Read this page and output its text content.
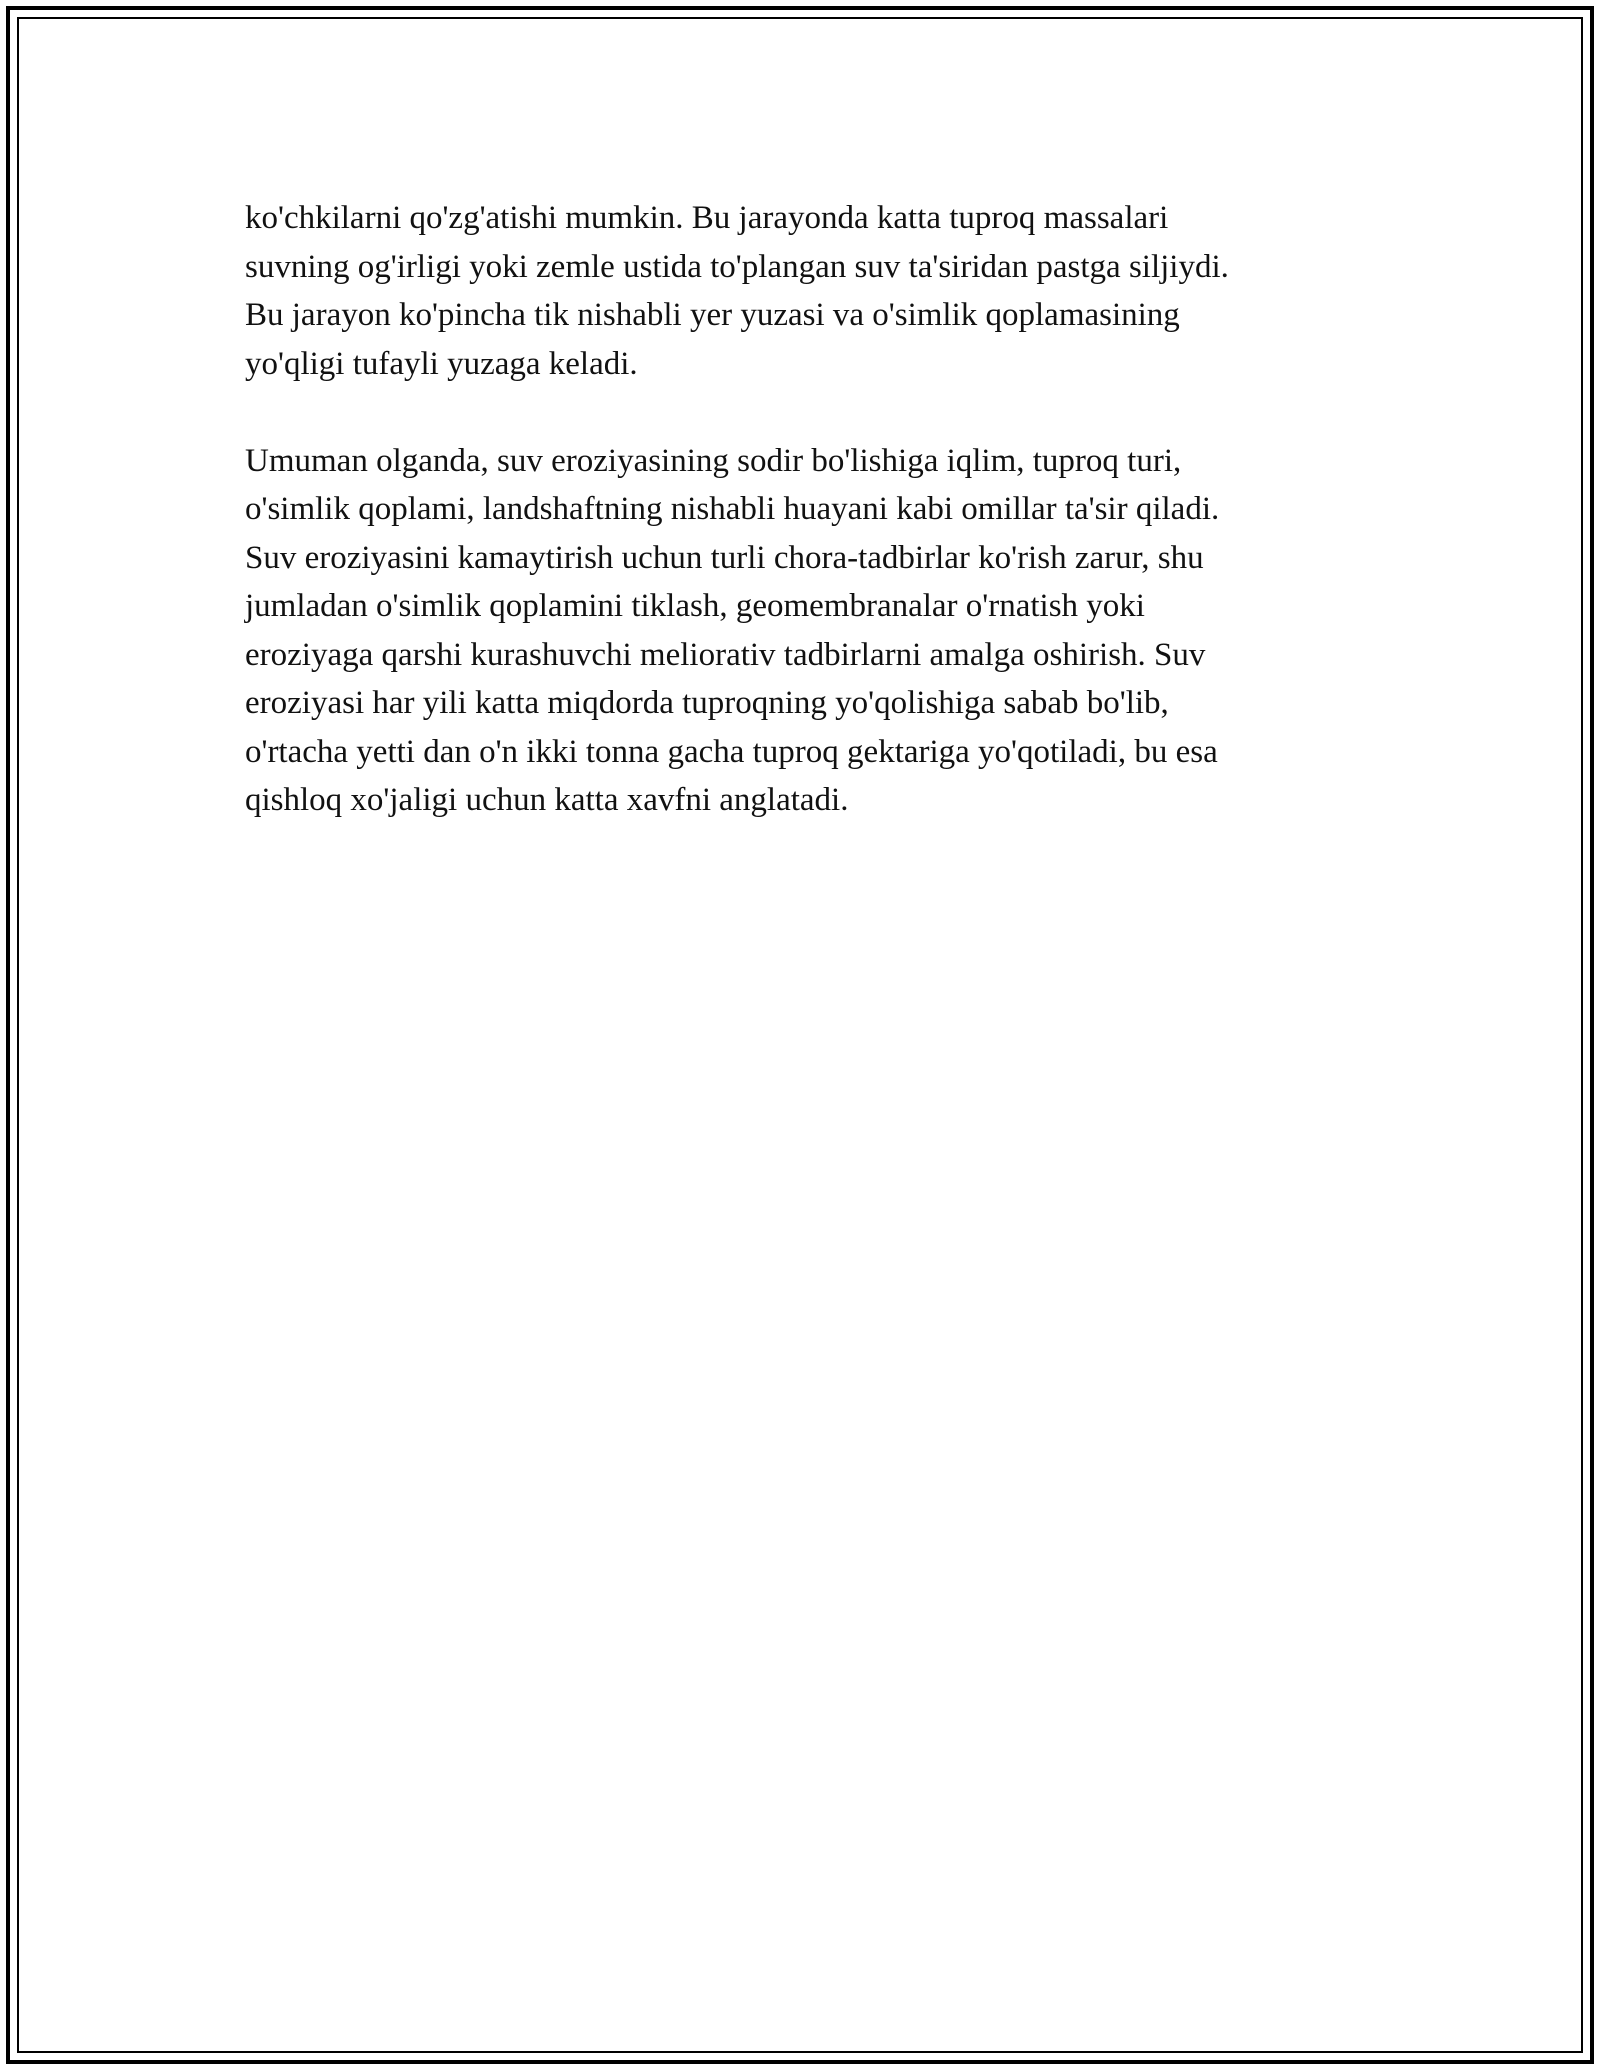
ko'chkilarni qo'zg'atishi mumkin. Bu jarayonda katta tuproq massalari
suvning og'irligi yoki zemle ustida to'plangan suv ta'siridan pastga siljiydi.
Bu jarayon ko'pincha tik nishabli yer yuzasi va o'simlik qoplamasining
yo'qligi tufayli yuzaga keladi.

Umuman olganda, suv eroziyasining sodir bo'lishiga iqlim, tuproq turi,
o'simlik qoplami, landshaftning nishabli huayani kabi omillar ta'sir qiladi.
Suv eroziyasini kamaytirish uchun turli chora-tadbirlar ko'rish zarur, shu
jumladan o'simlik qoplamini tiklash, geomembranalar o'rnatish yoki
eroziyaga qarshi kurashuvchi meliorativ tadbirlarni amalga oshirish. Suv
eroziyasi har yili katta miqdorda tuproqning yo'qolishiga sabab bo'lib,
o'rtacha yetti dan o'n ikki tonna gacha tuproq gektariga yo'qotiladi, bu esa
qishloq xo'jaligi uchun katta xavfni anglatadi.
